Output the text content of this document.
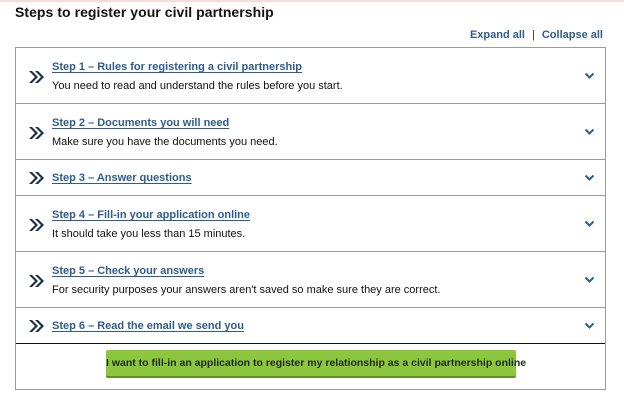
Steps to register your civil partnership
Expand all | Collapse all
Step 1 – Rules for registering a civil partnership
You need to read and understand the rules before you start.
Step 2 – Documents you will need
Make sure you have the documents you need.
Step 3 – Answer questions
Step 4 – Fill-in your application online
It should take you less than 15 minutes.
Step 5 – Check your answers
For security purposes your answers aren't saved so make sure they are correct.
Step 6 – Read the email we send you
I want to fill-in an application to register my relationship as a civil partnership online
